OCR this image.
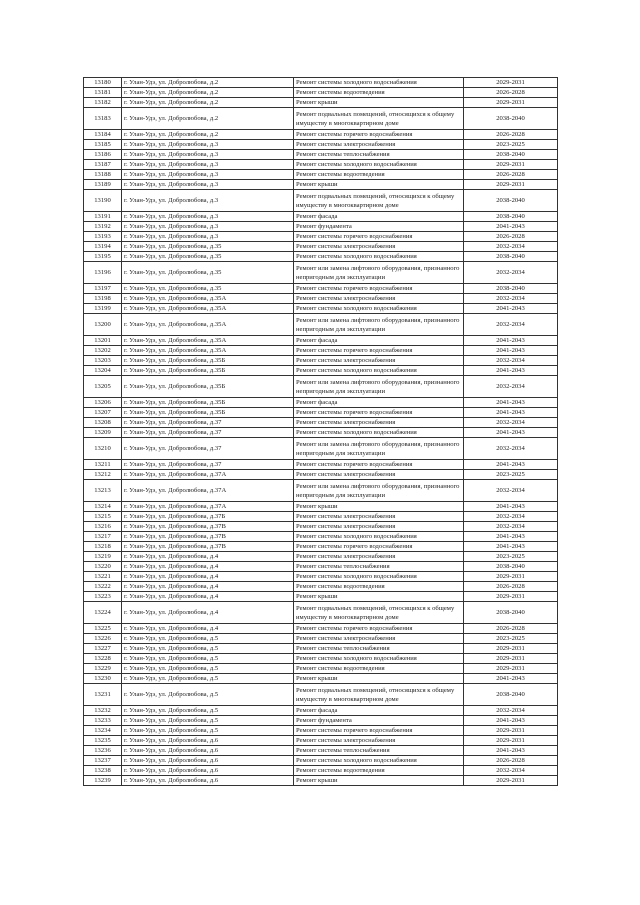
13180	г. Улан-Удэ, ул. Добролюбова, д.2	Ремонт системы холодного водоснабжения	2029-2031
13181	г. Улан-Удэ, ул. Добролюбова, д.2	Ремонт системы водоотведения	2026-2028
13182	г. Улан-Удэ, ул. Добролюбова, д.2	Ремонт крыши	2029-2031
13183	г. Улан-Удэ, ул. Добролюбова, д.2	Ремонт подвальных помещений, относящихся к общему имуществу в многоквартирном доме	2038-2040
13184	г. Улан-Удэ, ул. Добролюбова, д.2	Ремонт системы горячего водоснабжения	2026-2028
13185	г. Улан-Удэ, ул. Добролюбова, д.3	Ремонт системы электроснабжения	2023-2025
13186	г. Улан-Удэ, ул. Добролюбова, д.3	Ремонт системы теплоснабжения	2038-2040
13187	г. Улан-Удэ, ул. Добролюбова, д.3	Ремонт системы холодного водоснабжения	2029-2031
13188	г. Улан-Удэ, ул. Добролюбова, д.3	Ремонт системы водоотведения	2026-2028
13189	г. Улан-Удэ, ул. Добролюбова, д.3	Ремонт крыши	2029-2031
13190	г. Улан-Удэ, ул. Добролюбова, д.3	Ремонт подвальных помещений, относящихся к общему имуществу в многоквартирном доме	2038-2040
13191	г. Улан-Удэ, ул. Добролюбова, д.3	Ремонт фасада	2038-2040
13192	г. Улан-Удэ, ул. Добролюбова, д.3	Ремонт фундамента	2041-2043
13193	г. Улан-Удэ, ул. Добролюбова, д.3	Ремонт системы горячего водоснабжения	2026-2028
13194	г. Улан-Удэ, ул. Добролюбова, д.35	Ремонт системы электроснабжения	2032-2034
13195	г. Улан-Удэ, ул. Добролюбова, д.35	Ремонт системы холодного водоснабжения	2038-2040
13196	г. Улан-Удэ, ул. Добролюбова, д.35	Ремонт или замена лифтового оборудования, признанного непригодным для эксплуатации	2032-2034
13197	г. Улан-Удэ, ул. Добролюбова, д.35	Ремонт системы горячего водоснабжения	2038-2040
13198	г. Улан-Удэ, ул. Добролюбова, д.35А	Ремонт системы электроснабжения	2032-2034
13199	г. Улан-Удэ, ул. Добролюбова, д.35А	Ремонт системы холодного водоснабжения	2041-2043
13200	г. Улан-Удэ, ул. Добролюбова, д.35А	Ремонт или замена лифтового оборудования, признанного непригодным для эксплуатации	2032-2034
13201	г. Улан-Удэ, ул. Добролюбова, д.35А	Ремонт фасада	2041-2043
13202	г. Улан-Удэ, ул. Добролюбова, д.35А	Ремонт системы горячего водоснабжения	2041-2043
13203	г. Улан-Удэ, ул. Добролюбова, д.35Б	Ремонт системы электроснабжения	2032-2034
13204	г. Улан-Удэ, ул. Добролюбова, д.35Б	Ремонт системы холодного водоснабжения	2041-2043
13205	г. Улан-Удэ, ул. Добролюбова, д.35Б	Ремонт или замена лифтового оборудования, признанного непригодным для эксплуатации	2032-2034
13206	г. Улан-Удэ, ул. Добролюбова, д.35Б	Ремонт фасада	2041-2043
13207	г. Улан-Удэ, ул. Добролюбова, д.35Б	Ремонт системы горячего водоснабжения	2041-2043
13208	г. Улан-Удэ, ул. Добролюбова, д.37	Ремонт системы электроснабжения	2032-2034
13209	г. Улан-Удэ, ул. Добролюбова, д.37	Ремонт системы холодного водоснабжения	2041-2043
13210	г. Улан-Удэ, ул. Добролюбова, д.37	Ремонт или замена лифтового оборудования, признанного непригодным для эксплуатации	2032-2034
13211	г. Улан-Удэ, ул. Добролюбова, д.37	Ремонт системы горячего водоснабжения	2041-2043
13212	г. Улан-Удэ, ул. Добролюбова, д.37А	Ремонт системы электроснабжения	2023-2025
13213	г. Улан-Удэ, ул. Добролюбова, д.37А	Ремонт или замена лифтового оборудования, признанного непригодным для эксплуатации	2032-2034
13214	г. Улан-Удэ, ул. Добролюбова, д.37А	Ремонт крыши	2041-2043
13215	г. Улан-Удэ, ул. Добролюбова, д.37Б	Ремонт системы электроснабжения	2032-2034
13216	г. Улан-Удэ, ул. Добролюбова, д.37В	Ремонт системы электроснабжения	2032-2034
13217	г. Улан-Удэ, ул. Добролюбова, д.37В	Ремонт системы холодного водоснабжения	2041-2043
13218	г. Улан-Удэ, ул. Добролюбова, д.37В	Ремонт системы горячего водоснабжения	2041-2043
13219	г. Улан-Удэ, ул. Добролюбова, д.4	Ремонт системы электроснабжения	2023-2025
13220	г. Улан-Удэ, ул. Добролюбова, д.4	Ремонт системы теплоснабжения	2038-2040
13221	г. Улан-Удэ, ул. Добролюбова, д.4	Ремонт системы холодного водоснабжения	2029-2031
13222	г. Улан-Удэ, ул. Добролюбова, д.4	Ремонт системы водоотведения	2026-2028
13223	г. Улан-Удэ, ул. Добролюбова, д.4	Ремонт крыши	2029-2031
13224	г. Улан-Удэ, ул. Добролюбова, д.4	Ремонт подвальных помещений, относящихся к общему имуществу в многоквартирном доме	2038-2040
13225	г. Улан-Удэ, ул. Добролюбова, д.4	Ремонт системы горячего водоснабжения	2026-2028
13226	г. Улан-Удэ, ул. Добролюбова, д.5	Ремонт системы электроснабжения	2023-2025
13227	г. Улан-Удэ, ул. Добролюбова, д.5	Ремонт системы теплоснабжения	2029-2031
13228	г. Улан-Удэ, ул. Добролюбова, д.5	Ремонт системы холодного водоснабжения	2029-2031
13229	г. Улан-Удэ, ул. Добролюбова, д.5	Ремонт системы водоотведения	2029-2031
13230	г. Улан-Удэ, ул. Добролюбова, д.5	Ремонт крыши	2041-2043
13231	г. Улан-Удэ, ул. Добролюбова, д.5	Ремонт подвальных помещений, относящихся к общему имуществу в многоквартирном доме	2038-2040
13232	г. Улан-Удэ, ул. Добролюбова, д.5	Ремонт фасада	2032-2034
13233	г. Улан-Удэ, ул. Добролюбова, д.5	Ремонт фундамента	2041-2043
13234	г. Улан-Удэ, ул. Добролюбова, д.5	Ремонт системы горячего водоснабжения	2029-2031
13235	г. Улан-Удэ, ул. Добролюбова, д.6	Ремонт системы электроснабжения	2029-2031
13236	г. Улан-Удэ, ул. Добролюбова, д.6	Ремонт системы теплоснабжения	2041-2043
13237	г. Улан-Удэ, ул. Добролюбова, д.6	Ремонт системы холодного водоснабжения	2026-2028
13238	г. Улан-Удэ, ул. Добролюбова, д.6	Ремонт системы водоотведения	2032-2034
13239	г. Улан-Удэ, ул. Добролюбова, д.6	Ремонт крыши	2029-2031
